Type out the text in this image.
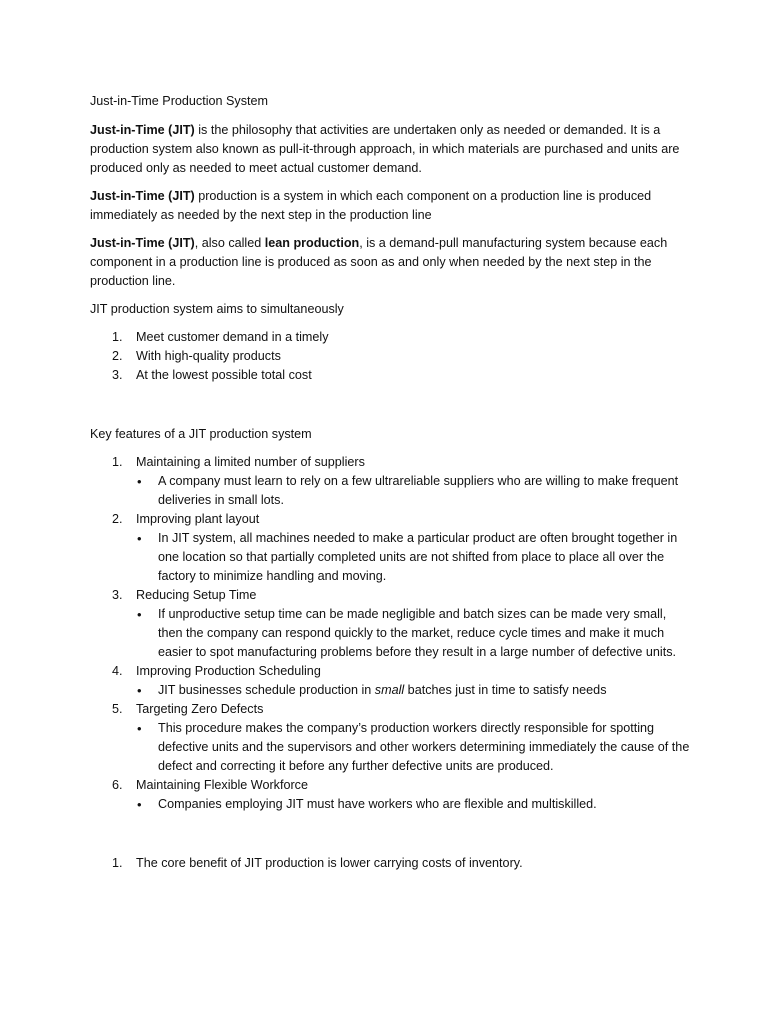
Just-in-Time Production System

Just-in-Time (JIT) is the philosophy that activities are undertaken only as needed or demanded. It is a production system also known as pull-it-through approach, in which materials are purchased and units are produced only as needed to meet actual customer demand.

Just-in-Time (JIT) production is a system in which each component on a production line is produced immediately as needed by the next step in the production line

Just-in-Time (JIT), also called lean production, is a demand-pull manufacturing system because each component in a production line is produced as soon as and only when needed by the next step in the production line.

JIT production system aims to simultaneously

1. Meet customer demand in a timely
2. With high-quality products
3. At the lowest possible total cost

Key features of a JIT production system

1. Maintaining a limited number of suppliers
• A company must learn to rely on a few ultrareliable suppliers who are willing to make frequent deliveries in small lots.
2. Improving plant layout
• In JIT system, all machines needed to make a particular product are often brought together in one location so that partially completed units are not shifted from place to place all over the factory to minimize handling and moving.
3. Reducing Setup Time
• If unproductive setup time can be made negligible and batch sizes can be made very small, then the company can respond quickly to the market, reduce cycle times and make it much easier to spot manufacturing problems before they result in a large number of defective units.
4. Improving Production Scheduling
• JIT businesses schedule production in small batches just in time to satisfy needs
5. Targeting Zero Defects
• This procedure makes the company’s production workers directly responsible for spotting defective units and the supervisors and other workers determining immediately the cause of the defect and correcting it before any further defective units are produced.
6. Maintaining Flexible Workforce
• Companies employing JIT must have workers who are flexible and multiskilled.
1. The core benefit of JIT production is lower carrying costs of inventory.
